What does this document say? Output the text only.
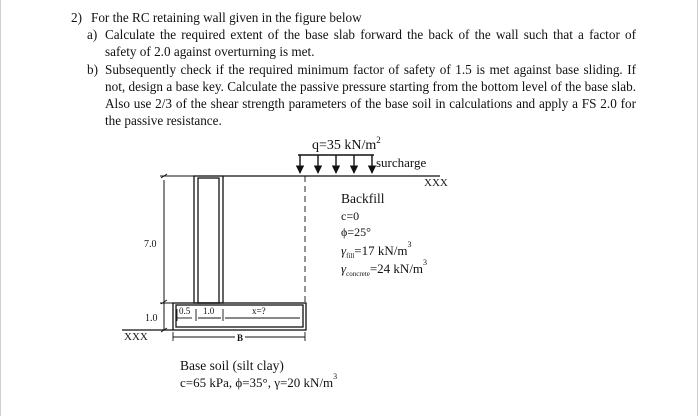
2) For the RC retaining wall given in the figure below
a) Calculate the required extent of the base slab forward the back of the wall such that a factor of safety of 2.0 against overturning is met.
b) Subsequently check if the required minimum factor of safety of 1.5 is met against base sliding. If not, design a base key. Calculate the passive pressure starting from the bottom level of the base slab. Also use 2/3 of the shear strength parameters of the base soil in calculations and apply a FS 2.0 for the passive resistance.
q=35 $kN/m^2$
surcharge
XXX
Backfill
c=0
ϕ=25°
$\gamma_{fill}=17$ $kN/m^3$
$\gamma_{concrete}=24$ $kN/m^3$
7.0
1.0
0.5 1.0	x=?
B
XXX
Base soil (silt clay)
c=65 kPa, ϕ=35°, γ=20 $kN/m^3$
